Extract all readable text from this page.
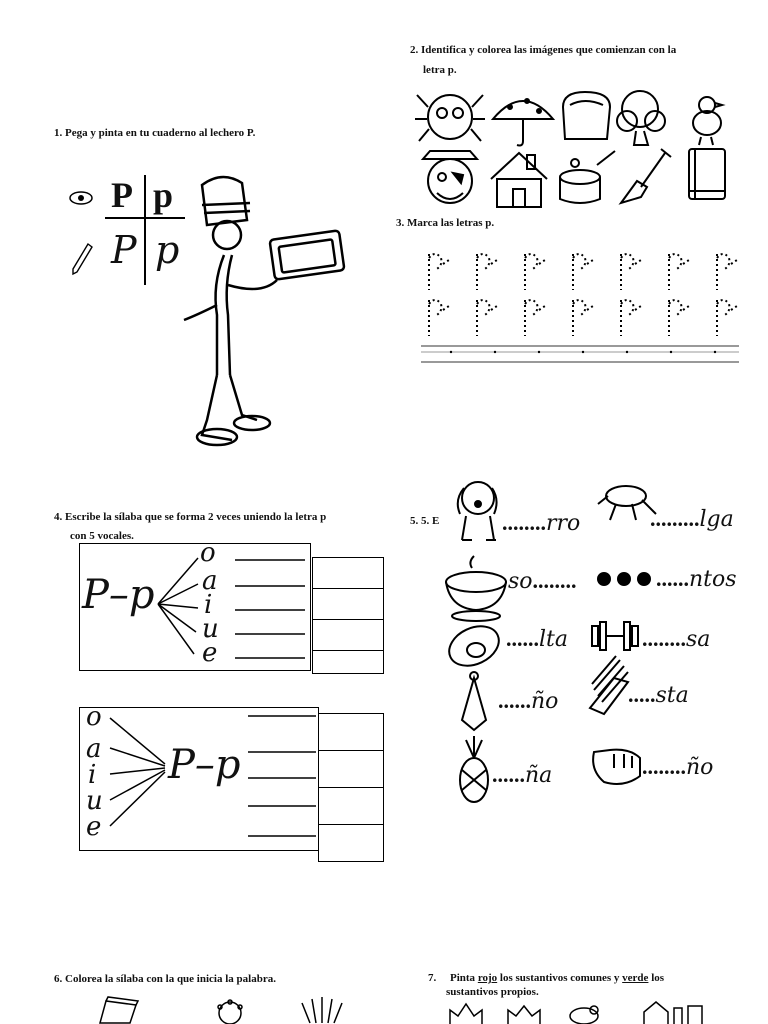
1. Pega y pinta en tu cuaderno al lechero P.
P p
P p
2. Identifica y colorea las imágenes que comienzan con la
letra p.
3. Marca las letras p.
4. Escribe la sílaba que se forma 2 veces uniendo la letra p
con 5 vocales.
P–p
o
a
i
u
e
o
a
i
u
e
P–p
5. 5. E	........rro	.........lga
so........	......ntos
......lta	........sa
......ño	.....sta
......ña	........ño
6. Colorea la sílaba con la que inicia la palabra.	7. Pinta rojo los sustantivos comunes y verde los
sustantivos propios.
